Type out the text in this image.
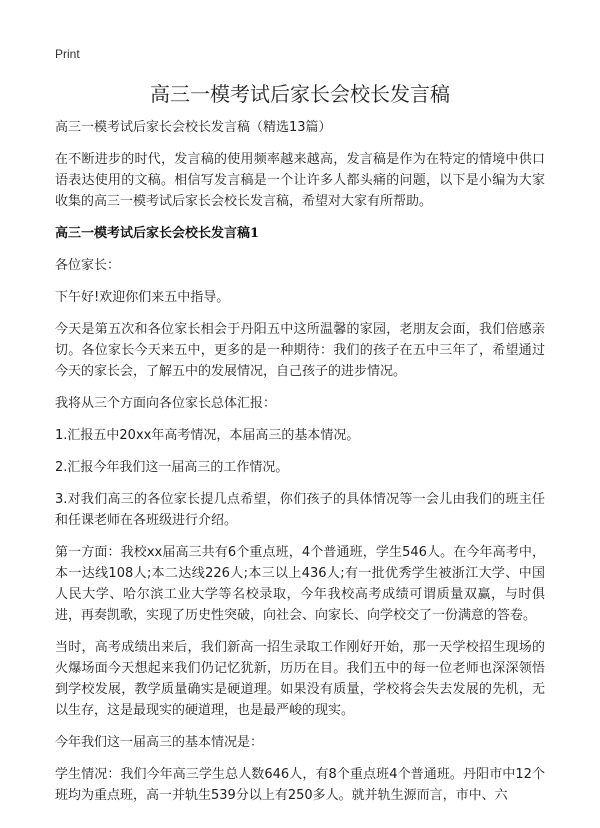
Print
高三一模考试后家长会校长发言稿
高三一模考试后家长会校长发言稿（精选13篇）
在不断进步的时代，发言稿的使用频率越来越高，发言稿是作为在特定的情境中供口语表达使用的文稿。相信写发言稿是一个让许多人都头痛的问题，以下是小编为大家收集的高三一模考试后家长会校长发言稿，希望对大家有所帮助。
高三一模考试后家长会校长发言稿1
各位家长：
下午好!欢迎你们来五中指导。
今天是第五次和各位家长相会于丹阳五中这所温馨的家园，老朋友会面，我们倍感亲切。各位家长今天来五中，更多的是一种期待：我们的孩子在五中三年了，希望通过今天的家长会，了解五中的发展情况，自己孩子的进步情况。
我将从三个方面向各位家长总体汇报：
1.汇报五中20xx年高考情况，本届高三的基本情况。
2.汇报今年我们这一届高三的工作情况。
3.对我们高三的各位家长提几点希望，你们孩子的具体情况等一会儿由我们的班主任和任课老师在各班级进行介绍。
第一方面：我校xx届高三共有6个重点班，4个普通班，学生546人。在今年高考中，本一达线108人;本二达线226人;本三以上436人;有一批优秀学生被浙江大学、中国人民大学、哈尔滨工业大学等名校录取，今年我校高考成绩可谓质量双赢，与时俱进，再奏凯歌，实现了历史性突破，向社会、向家长、向学校交了一份满意的答卷。
当时，高考成绩出来后，我们新高一招生录取工作刚好开始，那一天学校招生现场的火爆场面今天想起来我们仍记忆犹新，历历在目。我们五中的每一位老师也深深领悟到学校发展，教学质量确实是硬道理。如果没有质量，学校将会失去发展的先机，无以生存，这是最现实的硬道理，也是最严峻的现实。
今年我们这一届高三的基本情况是：
学生情况：我们今年高三学生总人数646人，有8个重点班4个普通班。丹阳市中12个班均为重点班，高一并轨生539分以上有250多人。就并轨生源而言，市中、六
